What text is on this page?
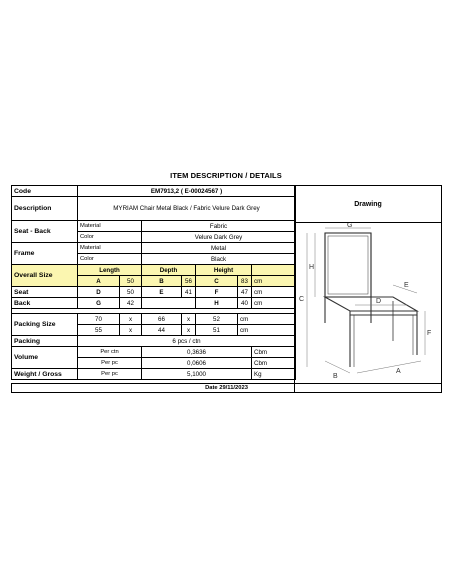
ITEM DESCRIPTION / DETAILS
Code	EM7913,2 ( E-00024567 )						
Description	MYRIAM Chair Metal Black / Fabric Velure Dark Grey						
Seat - Back	Material		Fabric				
	Color		Velure Dark Grey				
Frame	Material		Metal				
	Color		Black				
Overall Size	Length		Depth		Height		
	A	50	B	56	C	83	cm
Seat	D	50	E	41	F	47	cm
Back	G	42			H	40	cm

Packing Size	70	x	66	x	52	cm	
	55	x	44	x	51	cm	
Packing	6 pcs / ctn						
Volume	Per ctn		0,3636				Cbm
	Per pc		0,0606				Cbm
Weight / Gross	Per pc		5,1000				Kg
Date 29/11/2023
Drawing
G
H
C	D
E
F
B
A
